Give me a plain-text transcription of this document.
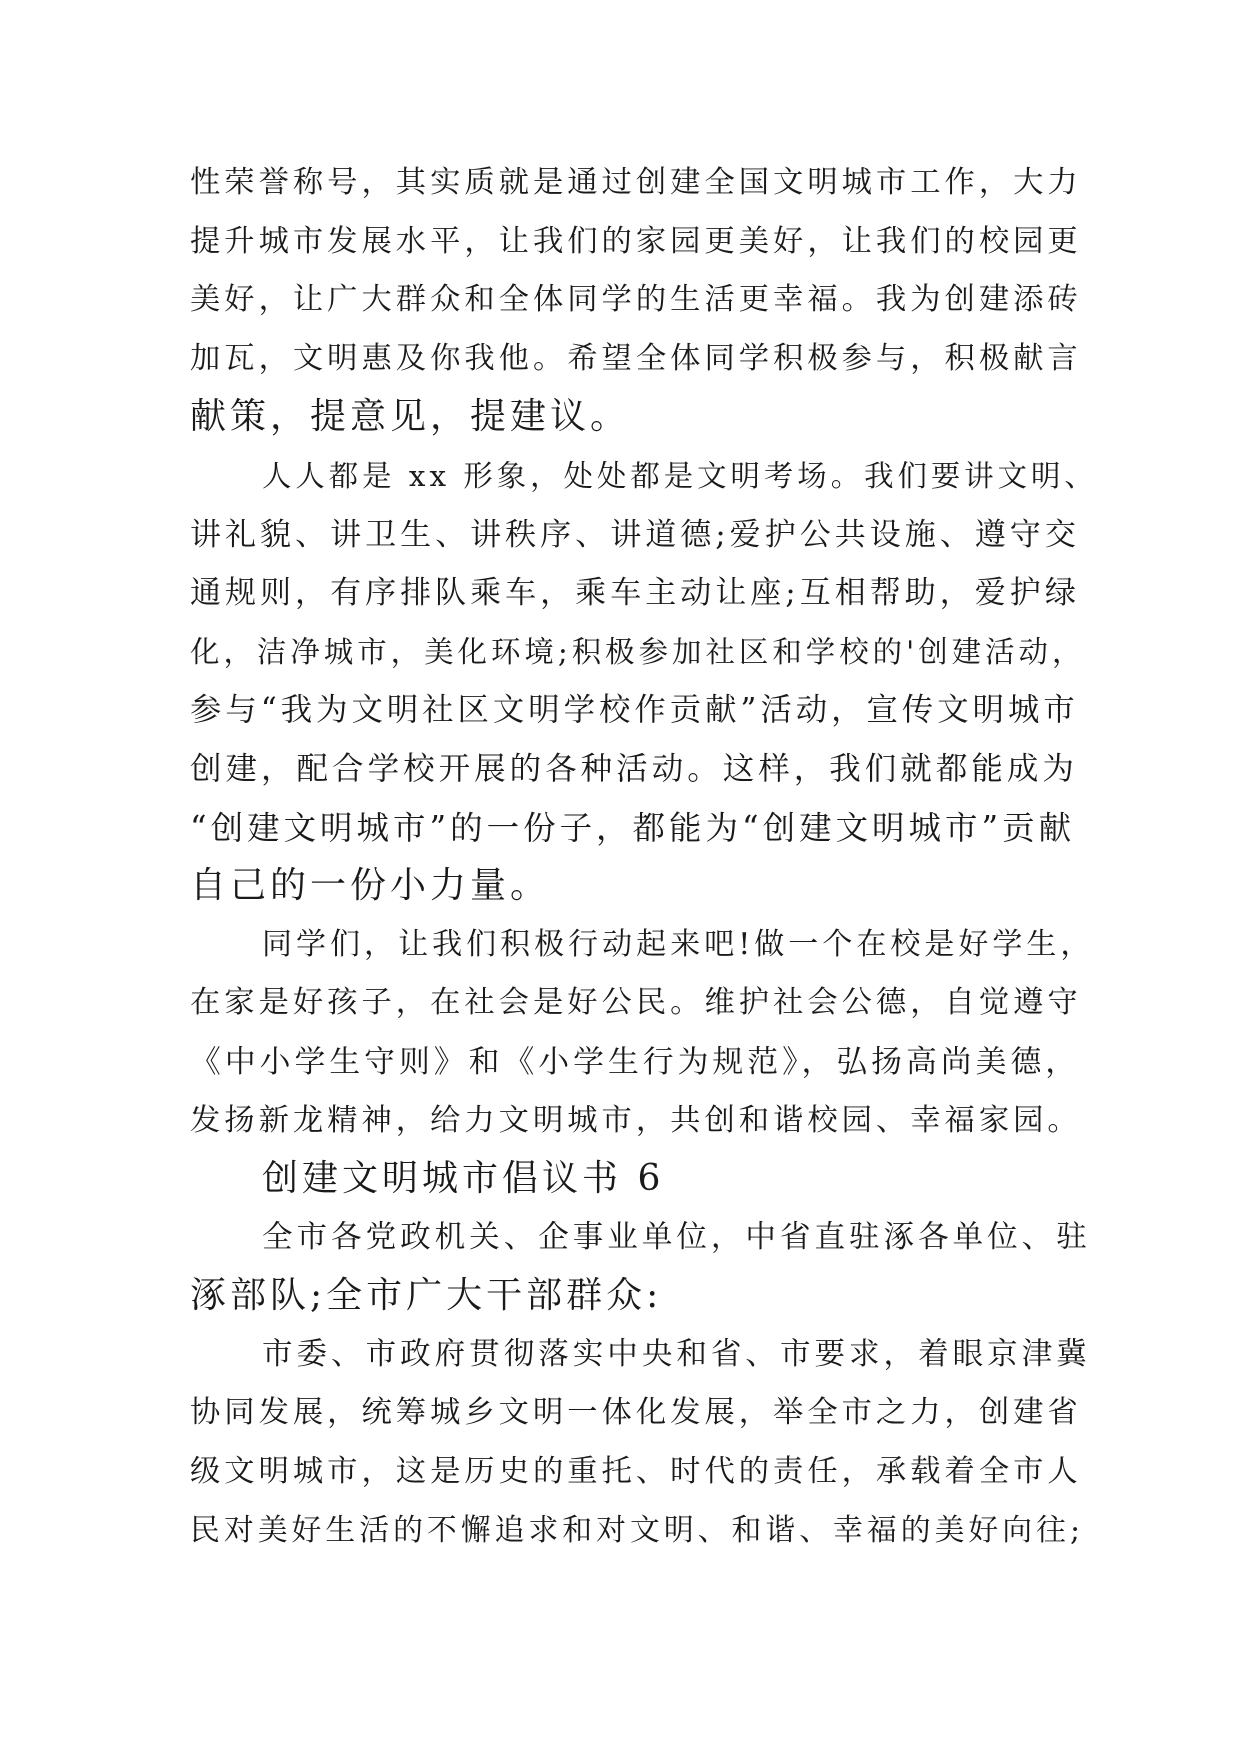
性荣誉称号，其实质就是通过创建全国文明城市工作，大力
提升城市发展水平，让我们的家园更美好，让我们的校园更
美好，让广大群众和全体同学的生活更幸福。我为创建添砖
加瓦，文明惠及你我他。希望全体同学积极参与，积极献言
献策，提意见，提建议。
人人都是 xx 形象，处处都是文明考场。我们要讲文明、
讲礼貌、讲卫生、讲秩序、讲道德;爱护公共设施、遵守交
通规则，有序排队乘车，乘车主动让座;互相帮助，爱护绿
化，洁净城市，美化环境;积极参加社区和学校的'创建活动，
参与“我为文明社区文明学校作贡献”活动，宣传文明城市
创建，配合学校开展的各种活动。这样，我们就都能成为
“创建文明城市”的一份子，都能为“创建文明城市”贡献
自己的一份小力量。
同学们，让我们积极行动起来吧!做一个在校是好学生，
在家是好孩子，在社会是好公民。维护社会公德，自觉遵守
《中小学生守则》和《小学生行为规范》，弘扬高尚美德，
发扬新龙精神，给力文明城市，共创和谐校园、幸福家园。
创建文明城市倡议书 6
全市各党政机关、企事业单位，中省直驻涿各单位、驻
涿部队;全市广大干部群众:
市委、市政府贯彻落实中央和省、市要求，着眼京津冀
协同发展，统筹城乡文明一体化发展，举全市之力，创建省
级文明城市，这是历史的重托、时代的责任，承载着全市人
民对美好生活的不懈追求和对文明、和谐、幸福的美好向往;
